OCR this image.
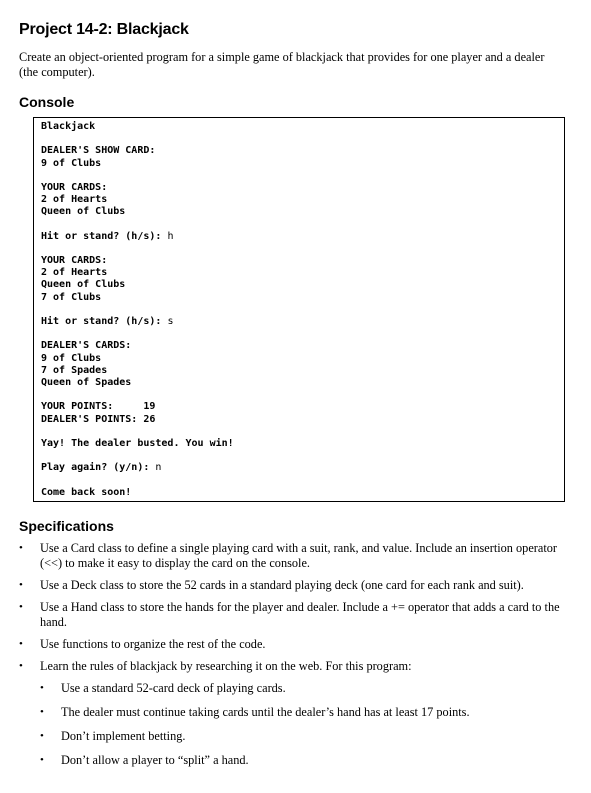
Project 14-2: Blackjack
Create an object-oriented program for a simple game of blackjack that provides for one player and a dealer (the computer).
Console
Blackjack
DEALER'S SHOW CARD:
9 of Clubs
YOUR CARDS:
2 of Hearts
Queen of Clubs
Hit or stand? (h/s): h
YOUR CARDS:
2 of Hearts
Queen of Clubs
7 of Clubs
Hit or stand? (h/s): s
DEALER'S CARDS:
9 of Clubs
7 of Spades
Queen of Spades
YOUR POINTS:     19
DEALER'S POINTS: 26
Yay! The dealer busted. You win!
Play again? (y/n): n
Come back soon!
Specifications
•	Use a Card class to define a single playing card with a suit, rank, and value. Include an insertion operator (<<) to make it easy to display the card on the console.
•	Use a Deck class to store the 52 cards in a standard playing deck (one card for each rank and suit).
•	Use a Hand class to store the hands for the player and dealer. Include a += operator that adds a card to the hand.
•	Use functions to organize the rest of the code.
•	Learn the rules of blackjack by researching it on the web. For this program:
•	Use a standard 52-card deck of playing cards.
•	The dealer must continue taking cards until the dealer’s hand has at least 17 points.
•	Don’t implement betting.
•	Don’t allow a player to “split” a hand.
